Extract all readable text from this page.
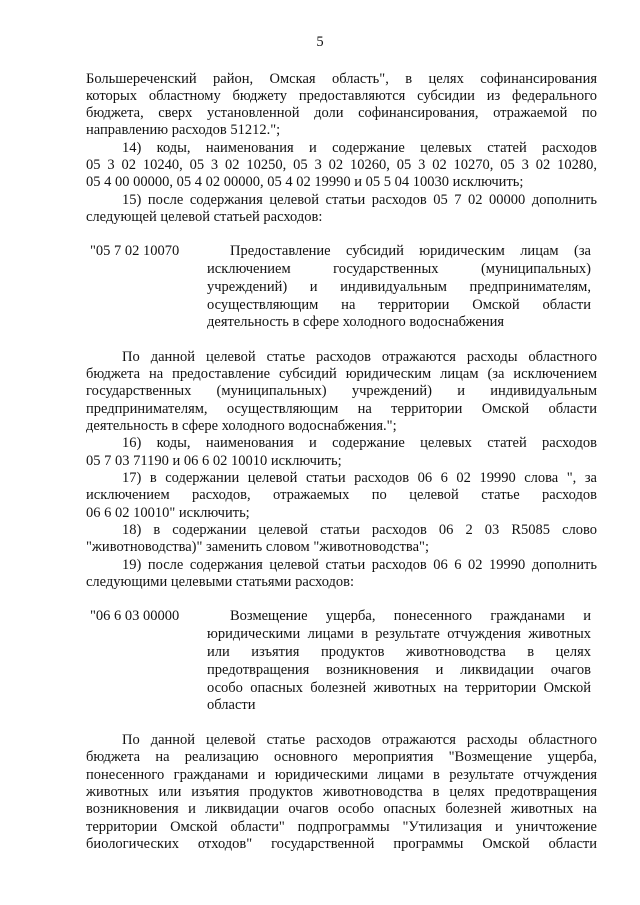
5
Большереченский район, Омская область", в целях софинансирования
которых областному бюджету предоставляются субсидии из федерального
бюджета, сверх установленной доли софинансирования, отражаемой по
направлению расходов 51212.";
14) коды, наименования и содержание целевых статей расходов
05 3 02 10240, 05 3 02 10250, 05 3 02 10260, 05 3 02 10270, 05 3 02 10280,
05 4 00 00000, 05 4 02 00000, 05 4 02 19990 и 05 5 04 10030 исключить;
15) после содержания целевой статьи расходов 05 7 02 00000 дополнить
следующей целевой статьей расходов:
"05 7 02 10070	Предоставление субсидий юридическим лицам (за
исключением государственных (муниципальных)
учреждений) и индивидуальным предпринимателям,
осуществляющим на территории Омской области
деятельность в сфере холодного водоснабжения
По данной целевой статье расходов отражаются расходы областного
бюджета на предоставление субсидий юридическим лицам (за исключением
государственных (муниципальных) учреждений) и индивидуальным
предпринимателям, осуществляющим на территории Омской области
деятельность в сфере холодного водоснабжения.";
16) коды, наименования и содержание целевых статей расходов
05 7 03 71190 и 06 6 02 10010 исключить;
17) в содержании целевой статьи расходов 06 6 02 19990 слова ", за
исключением расходов, отражаемых по целевой статье расходов
06 6 02 10010" исключить;
18) в содержании целевой статьи расходов 06 2 03 R5085 слово
"животноводства)" заменить словом "животноводства";
19) после содержания целевой статьи расходов 06 6 02 19990 дополнить
следующими целевыми статьями расходов:
"06 6 03 00000	Возмещение ущерба, понесенного гражданами и
юридическими лицами в результате отчуждения животных
или изъятия продуктов животноводства в целях
предотвращения возникновения и ликвидации очагов
особо опасных болезней животных на территории Омской
области
По данной целевой статье расходов отражаются расходы областного
бюджета на реализацию основного мероприятия "Возмещение ущерба,
понесенного гражданами и юридическими лицами в результате отчуждения
животных или изъятия продуктов животноводства в целях предотвращения
возникновения и ликвидации очагов особо опасных болезней животных на
территории Омской области" подпрограммы "Утилизация и уничтожение
биологических отходов" государственной программы Омской области
